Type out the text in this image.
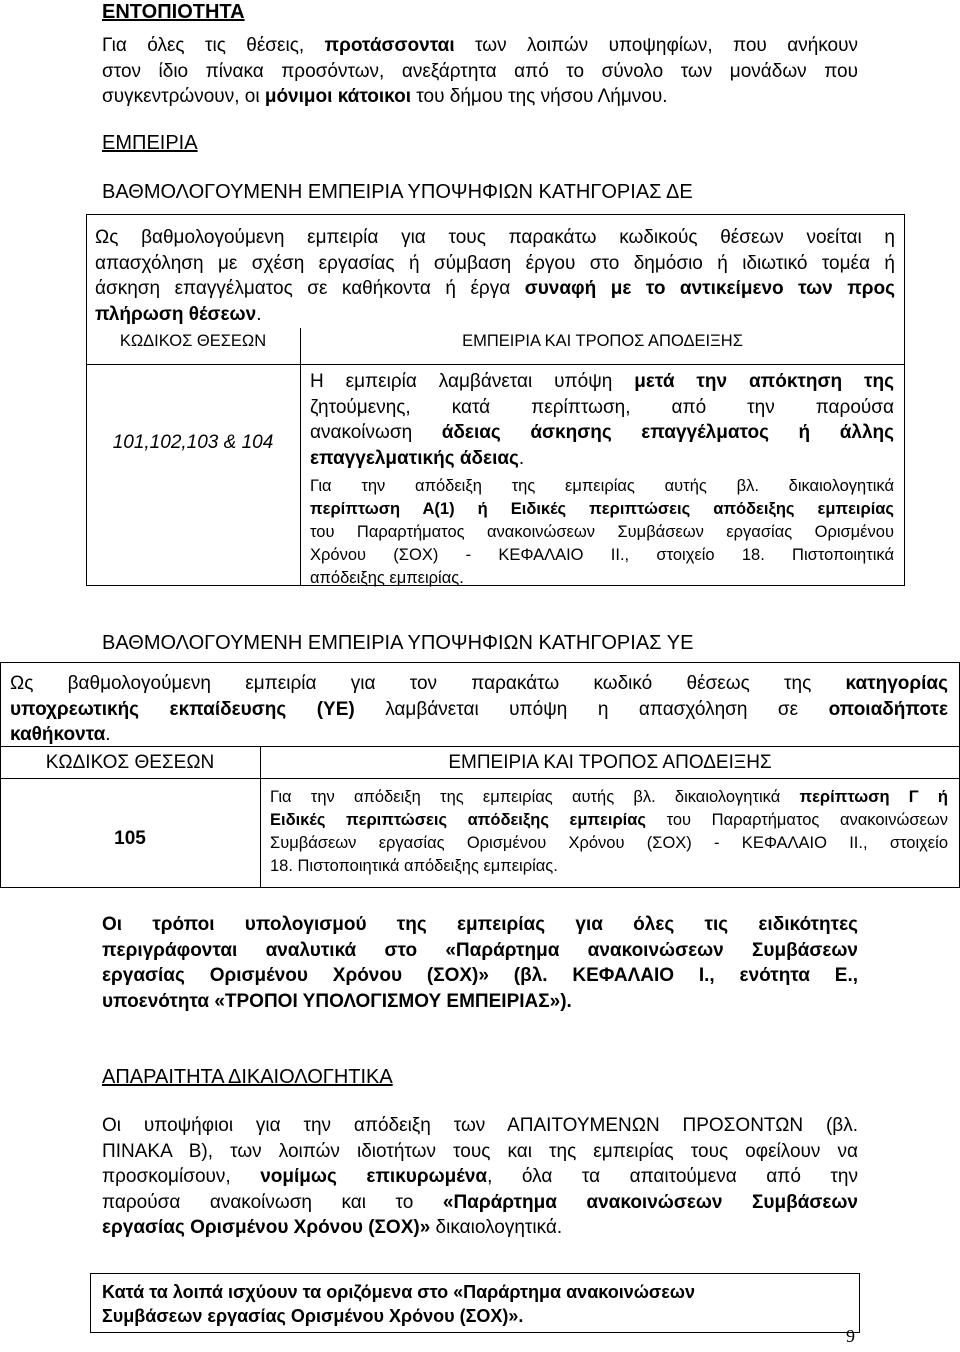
ΕΝΤΟΠΙΟΤΗΤΑ
Για όλες τις θέσεις, προτάσσονται των λοιπών υποψηφίων, που ανήκουν
στον ίδιο πίνακα προσόντων, ανεξάρτητα από το σύνολο των μονάδων που
συγκεντρώνουν, οι μόνιμοι κάτοικοι του δήμου της νήσου Λήμνου.
ΕΜΠΕΙΡΙΑ
ΒΑΘΜΟΛΟΓΟΥΜΕΝΗ ΕΜΠΕΙΡΙΑ ΥΠΟΨΗΦΙΩΝ ΚΑΤΗΓΟΡΙΑΣ ΔΕ
Ως βαθμολογούμενη εμπειρία για τους παρακάτω κωδικούς θέσεων νοείται η
απασχόληση με σχέση εργασίας ή σύμβαση έργου στο δημόσιο ή ιδιωτικό τομέα ή
άσκηση επαγγέλματος σε καθήκοντα ή έργα συναφή με το αντικείμενο των προς
πλήρωση θέσεων.
ΚΩΔΙΚΟΣ ΘΕΣΕΩΝ	ΕΜΠΕΙΡΙΑ ΚΑΙ ΤΡΟΠΟΣ ΑΠΟΔΕΙΞΗΣ
101,102,103 & 104
Η εμπειρία λαμβάνεται υπόψη μετά την απόκτηση της
ζητούμενης, κατά περίπτωση, από την παρούσα
ανακοίνωση άδειας άσκησης επαγγέλματος ή άλλης
επαγγελματικής άδειας.
Για την απόδειξη της εμπειρίας αυτής βλ. δικαιολογητικά
περίπτωση Α(1) ή Ειδικές περιπτώσεις απόδειξης εμπειρίας
του Παραρτήματος ανακοινώσεων Συμβάσεων εργασίας Ορισμένου
Χρόνου (ΣΟΧ) - ΚΕΦΑΛΑΙΟ ΙΙ., στοιχείο 18. Πιστοποιητικά
απόδειξης εμπειρίας.
ΒΑΘΜΟΛΟΓΟΥΜΕΝΗ ΕΜΠΕΙΡΙΑ ΥΠΟΨΗΦΙΩΝ ΚΑΤΗΓΟΡΙΑΣ ΥΕ
Ως βαθμολογούμενη εμπειρία για τον παρακάτω κωδικό θέσεως της κατηγορίας
υποχρεωτικής εκπαίδευσης (ΥΕ) λαμβάνεται υπόψη η απασχόληση σε οποιαδήποτε
καθήκοντα.
ΚΩΔΙΚΟΣ ΘΕΣΕΩΝ	ΕΜΠΕΙΡΙΑ ΚΑΙ ΤΡΟΠΟΣ ΑΠΟΔΕΙΞΗΣ
105
Για την απόδειξη της εμπειρίας αυτής βλ. δικαιολογητικά περίπτωση Γ ή
Ειδικές περιπτώσεις απόδειξης εμπειρίας του Παραρτήματος ανακοινώσεων
Συμβάσεων εργασίας Ορισμένου Χρόνου (ΣΟΧ) - ΚΕΦΑΛΑΙΟ ΙΙ., στοιχείο
18. Πιστοποιητικά απόδειξης εμπειρίας.
Οι τρόποι υπολογισμού της εμπειρίας για όλες τις ειδικότητες
περιγράφονται αναλυτικά στο «Παράρτημα ανακοινώσεων Συμβάσεων
εργασίας Ορισμένου Χρόνου (ΣΟΧ)» (βλ. ΚΕΦΑΛΑΙΟ Ι., ενότητα Ε.,
υποενότητα «ΤΡΟΠΟΙ ΥΠΟΛΟΓΙΣΜΟΥ ΕΜΠΕΙΡΙΑΣ»).
ΑΠΑΡΑΙΤΗΤΑ ΔΙΚΑΙΟΛΟΓΗΤΙΚΑ
Οι υποψήφιοι για την απόδειξη των ΑΠΑΙΤΟΥΜΕΝΩΝ ΠΡΟΣΟΝΤΩΝ (βλ.
ΠΙΝΑΚΑ Β), των λοιπών ιδιοτήτων τους και της εμπειρίας τους οφείλουν να
προσκομίσουν, νομίμως επικυρωμένα, όλα τα απαιτούμενα από την
παρούσα ανακοίνωση και το «Παράρτημα ανακοινώσεων Συμβάσεων
εργασίας Ορισμένου Χρόνου (ΣΟΧ)» δικαιολογητικά.
Κατά τα λοιπά ισχύουν τα οριζόμενα στο «Παράρτημα ανακοινώσεων
Συμβάσεων εργασίας Ορισμένου Χρόνου (ΣΟΧ)».
9
